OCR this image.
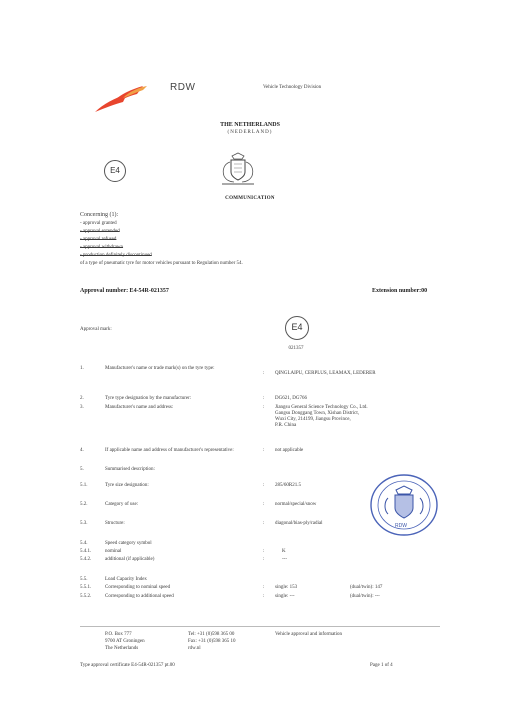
RDW	Vehicle Technology Division
THE NETHERLANDS
(NEDERLAND)
E4
COMMUNICATION
Concerning (1):
- approval granted
- approval extended
- approval refused
- approval withdrawn
- production definitely discontinued
of a type of pneumatic tyre for motor vehicles pursuant to Regulation number 54.
Approval number: E4-54R-021357	Extension number:00
Approval mark:	E4
021357
1.	Manufacturer's name or trade mark(s) on the tyre type:
: QINGLAIPU, CERPLUS, LEAMAX, LEDERER
2.	Tyre type designation by the manufacturer:	: DG621, DG766
3.	Manufacturer's name and address:	: Jiangsu General Science Technology Co., Ltd.
Gangsu Donggang Town, Xishan District,
Wuxi City, 214199, Jiangsu Province,
P.R. China
4.	If applicable name and address of manufacturer's representative:	: not applicable
5.	Summarised description:
5.1.	Tyre size designation:	: 285/60R21.5
5.2.	Category of use:	: normal/special/snow
5.3.	Structure:	: diagonal/bias-ply/radial
5.4.	Speed category symbol
5.4.1.	nominal	:	K
5.4.2.	additional (if applicable)	:	---
5.5.	Load Capacity Index
5.5.1.	Corresponding to nominal speed	: single: 153	(dual/twin): 147
5.5.2.	Corresponding to additional speed	: single: ---	(dual/twin): ---
RDW
P.O. Box 777
9700 AT Groningen
The Netherlands
Tel: +31 (0)598 365 00
Fax: +31 (0)598 365 10
rdw.nl
Vehicle approval and information
Type approval certificate E4-54R-021357 pt.00	Page 1 of 4
